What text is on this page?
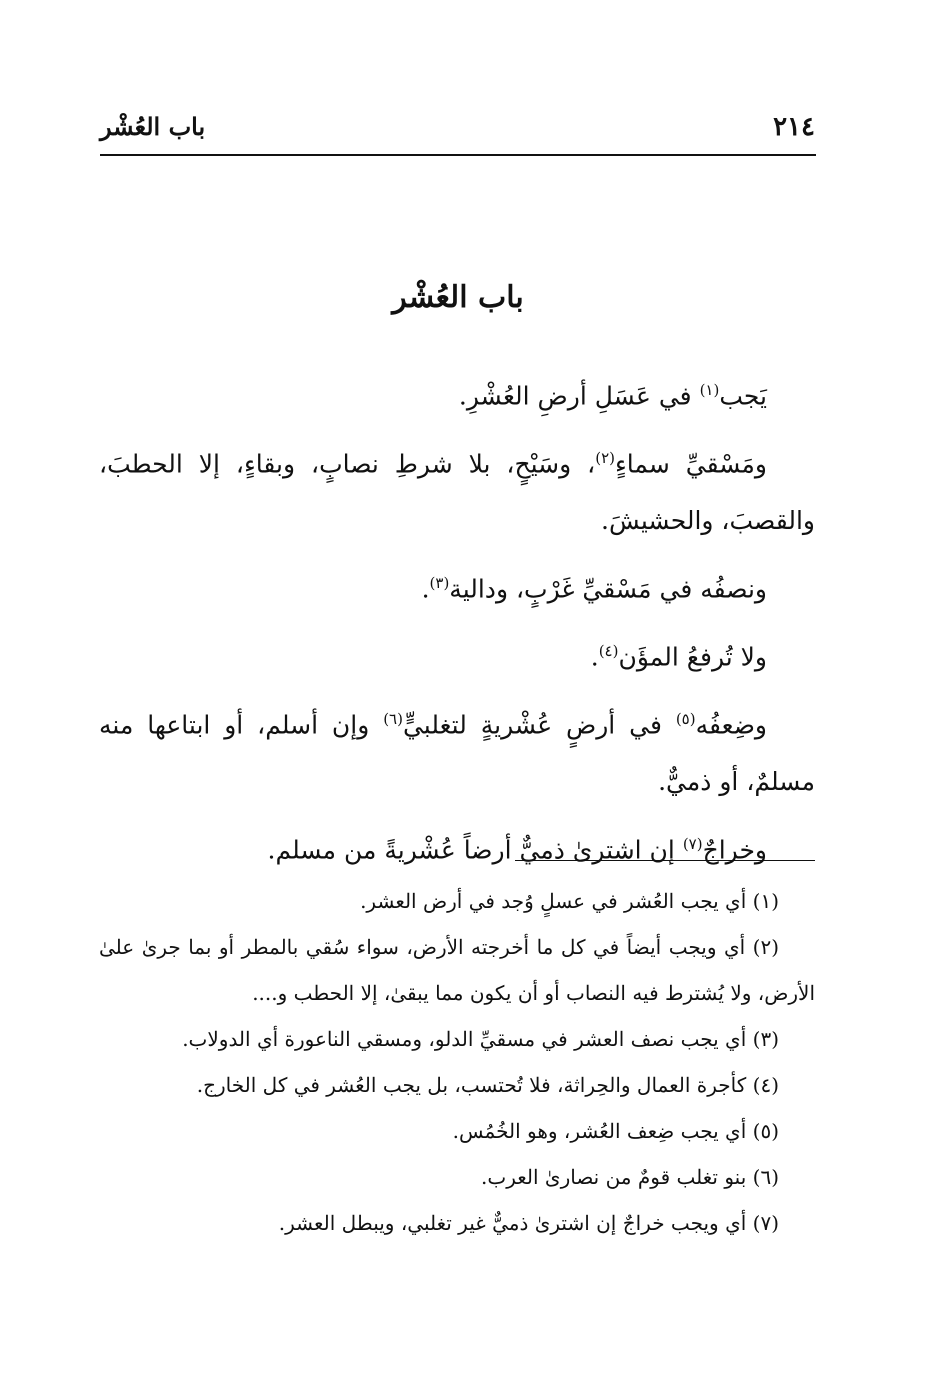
٢١٤
باب العُشْر
باب العُشْر

يَجب$^{(١)}$ في عَسَلِ أرضِ العُشْرِ.

ومَسْقيِّ سماءٍ$^{(٢)}$، وسَيْحٍ، بلا شرطِ نصابٍ، وبقاءٍ، إلا الحطبَ، والقصبَ، والحشيشَ.

ونصفُه في مَسْقيِّ غَرْبٍ، ودالية$^{(٣)}$.

ولا تُرفعُ المؤَن$^{(٤)}$.

وضِعفُه$^{(٥)}$ في أرضٍ عُشْريةٍ لتغلبيٍّ$^{(٦)}$ وإن أسلم، أو ابتاعها منه مسلمٌ، أو ذميٌّ.

وخراجٌ$^{(٧)}$ إن اشترىٰ ذميٌّ أرضاً عُشْريةً من مسلم.

(١) أي يجب العُشر في عسلٍ وُجد في أرض العشر.

(٢) أي ويجب أيضاً في كل ما أخرجته الأرض، سواء سُقي بالمطر أو بما جرىٰ علىٰ الأرض، ولا يُشترط فيه النصاب أو أن يكون مما يبقىٰ، إلا الحطب و....

(٣) أي يجب نصف العشر في مسقيِّ الدلو، ومسقي الناعورة أي الدولاب.

(٤) كأجرة العمال والحِراثة، فلا تُحتسب، بل يجب العُشر في كل الخارج.

(٥) أي يجب ضِعف العُشر، وهو الخُمُس.

(٦) بنو تغلب قومٌ من نصارىٰ العرب.

(٧) أي ويجب خراجٌ إن اشترىٰ ذميٌّ غير تغلبي، ويبطل العشر.
